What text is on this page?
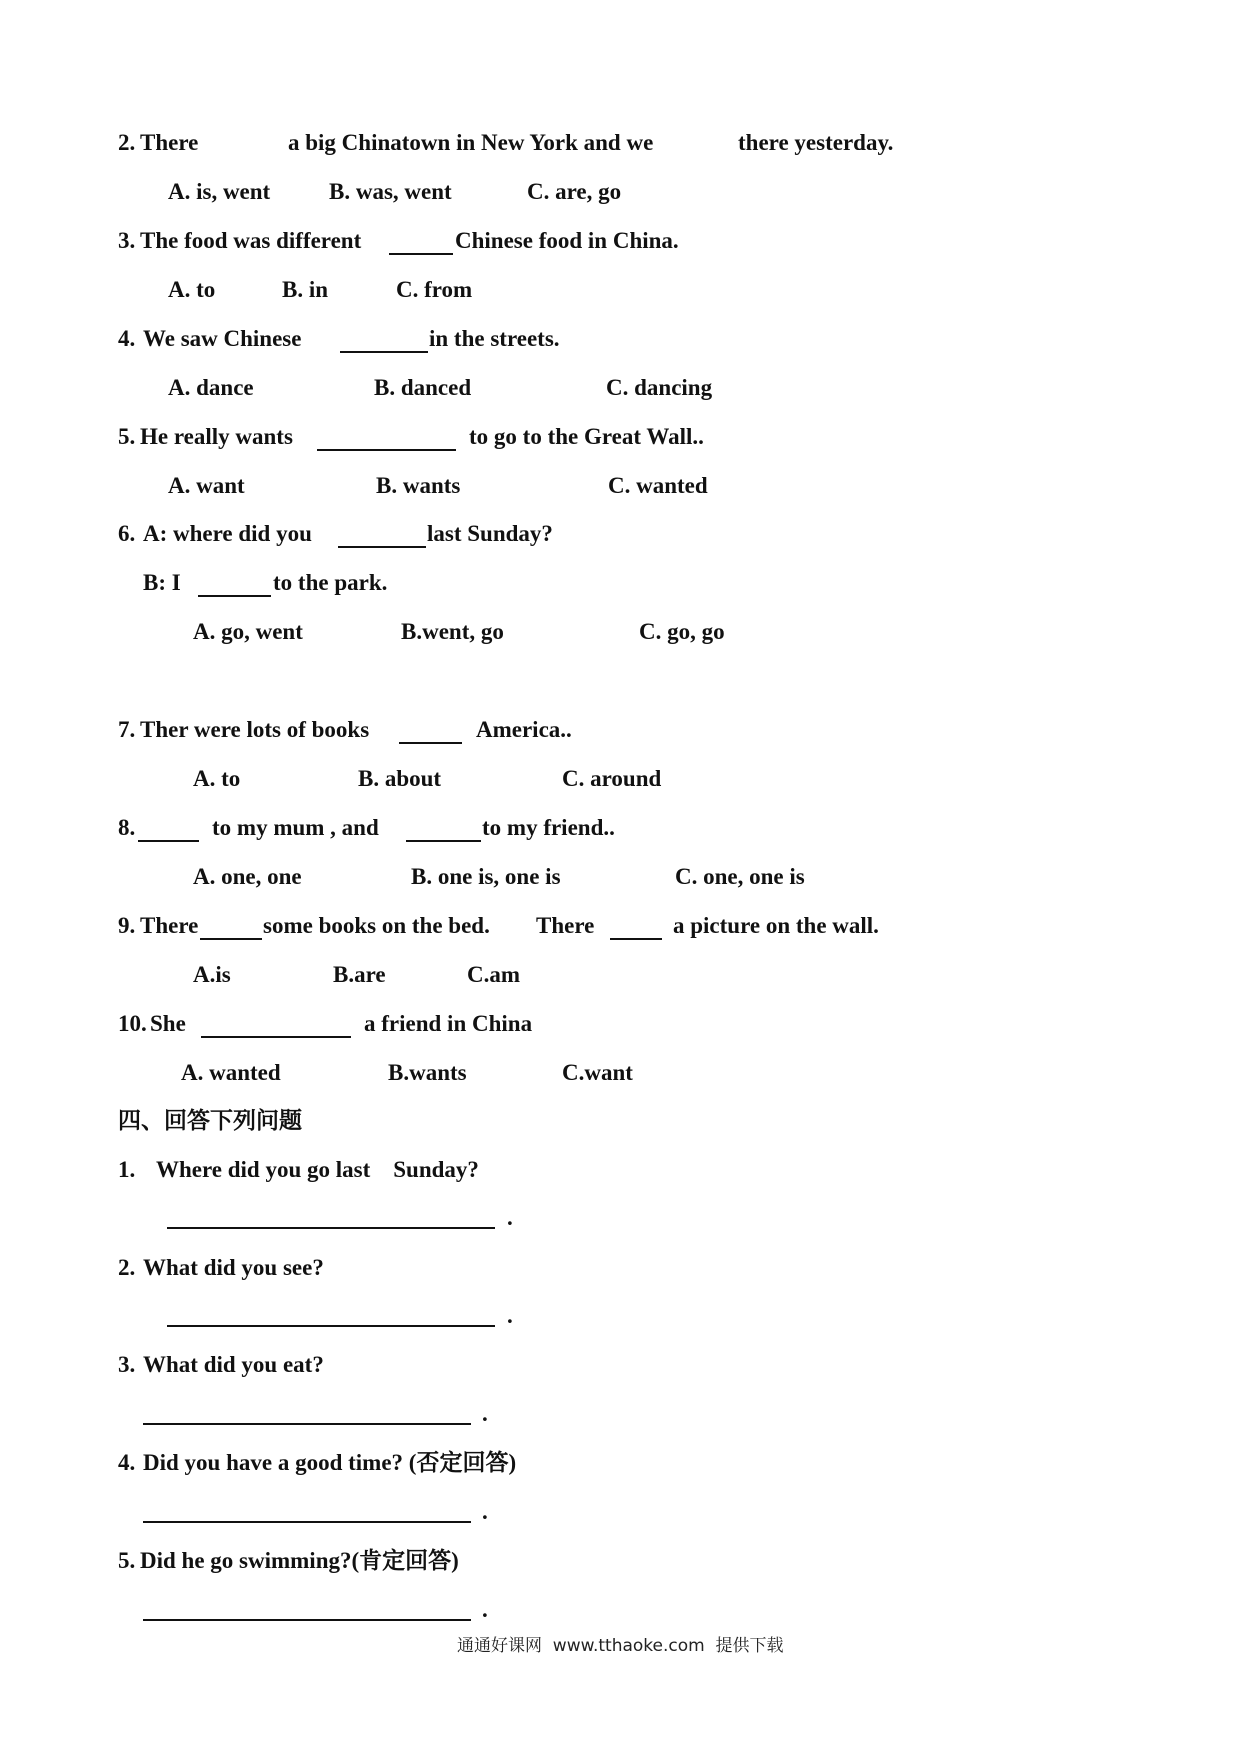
2. There	a big Chinatown in New York and we	there yesterday.
A. is, went	B. was, went	C. are, go
3. The food was different	Chinese food in China.
A. to	B. in	C. from
4. We saw Chinese	in the streets.
A. dance	B. danced	C. dancing
5. He really wants	to go to the Great Wall..
A. want	B. wants	C. wanted
6. A: where did you	last Sunday?
B: I	to the park.
A. go, went	B.went, go	C. go, go
7. Ther were lots of books	America..
A. to	B. about	C. around
8.	to my mum , and	to my friend..
A. one, one	B. one is, one is	C. one, one is
9. There	some books on the bed. There	a picture on the wall.
A.is	B.are	C.am
10. She	a friend in China
A. wanted	B.wants	C.want
四、回答下列问题
1. Where did you go last    Sunday?
.
2. What did you see?
.
3. What did you eat?
.
4. Did you have a good time? (否定回答)
.
5. Did he go swimming?(肯定回答)
.
通通好课网  www.tthaoke.com  提供下载
